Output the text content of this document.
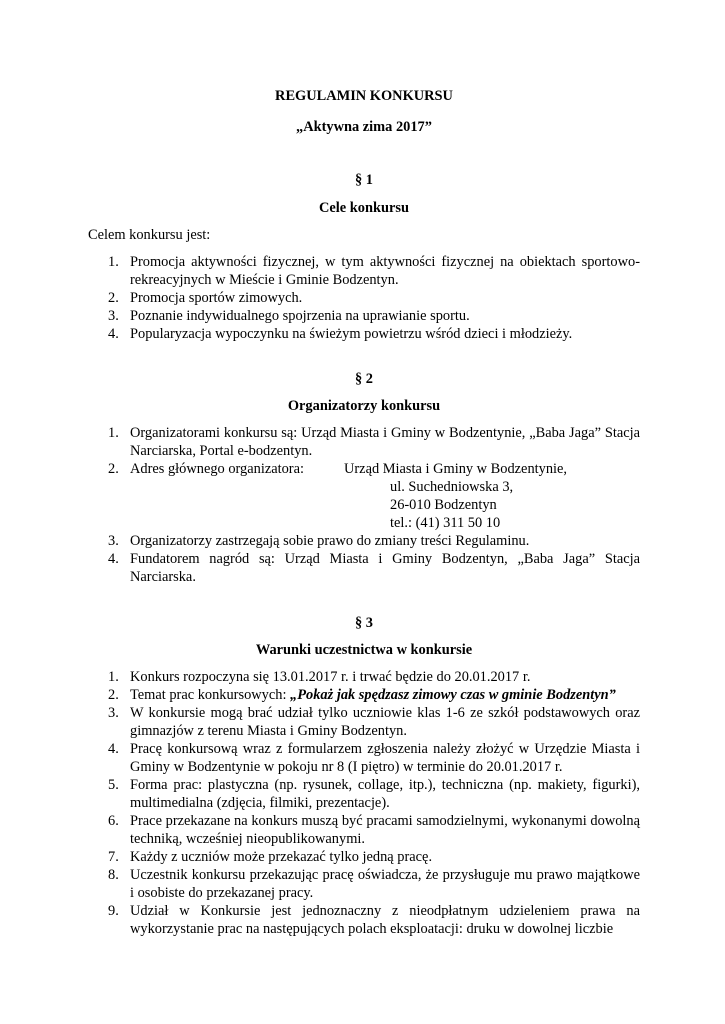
REGULAMIN KONKURSU

„Aktywna zima 2017”

§ 1

Cele konkursu

Celem konkursu jest:

1. Promocja aktywności fizycznej, w tym aktywności fizycznej na obiektach sportowo-rekreacyjnych w Mieście i Gminie Bodzentyn.
2. Promocja sportów zimowych.
3. Poznanie indywidualnego spojrzenia na uprawianie sportu.
4. Popularyzacja wypoczynku na świeżym powietrzu wśród dzieci i młodzieży.

§ 2

Organizatorzy konkursu

1. Organizatorami konkursu są: Urząd Miasta i Gminy w Bodzentynie, „Baba Jaga” Stacja Narciarska, Portal e-bodzentyn.
2. Adres głównego organizatora:	Urząd Miasta i Gminy w Bodzentynie,
ul. Suchedniowska 3,
26-010 Bodzentyn
tel.: (41) 311 50 10
3. Organizatorzy zastrzegają sobie prawo do zmiany treści Regulaminu.
4. Fundatorem nagród są: Urząd Miasta i Gminy Bodzentyn, „Baba Jaga” Stacja Narciarska.

§ 3

Warunki uczestnictwa w konkursie

1. Konkurs rozpoczyna się 13.01.2017 r. i trwać będzie do 20.01.2017 r.
2. Temat prac konkursowych: „Pokaż jak spędzasz zimowy czas w gminie Bodzentyn”
3. W konkursie mogą brać udział tylko uczniowie klas 1-6 ze szkół podstawowych oraz gimnazjów z terenu Miasta i Gminy Bodzentyn.
4. Pracę konkursową wraz z formularzem zgłoszenia należy złożyć w Urzędzie Miasta i Gminy w Bodzentynie w pokoju nr 8 (I piętro) w terminie do 20.01.2017 r.
5. Forma prac: plastyczna (np. rysunek, collage, itp.), techniczna (np. makiety, figurki), multimedialna (zdjęcia, filmiki, prezentacje).
6. Prace przekazane na konkurs muszą być pracami samodzielnymi, wykonanymi dowolną techniką, wcześniej nieopublikowanymi.
7. Każdy z uczniów może przekazać tylko jedną pracę.
8. Uczestnik konkursu przekazując pracę oświadcza, że przysługuje mu prawo majątkowe i osobiste do przekazanej pracy.
9. Udział w Konkursie jest jednoznaczny z nieodpłatnym udzieleniem prawa na wykorzystanie prac na następujących polach eksploatacji: druku w dowolnej liczbie
